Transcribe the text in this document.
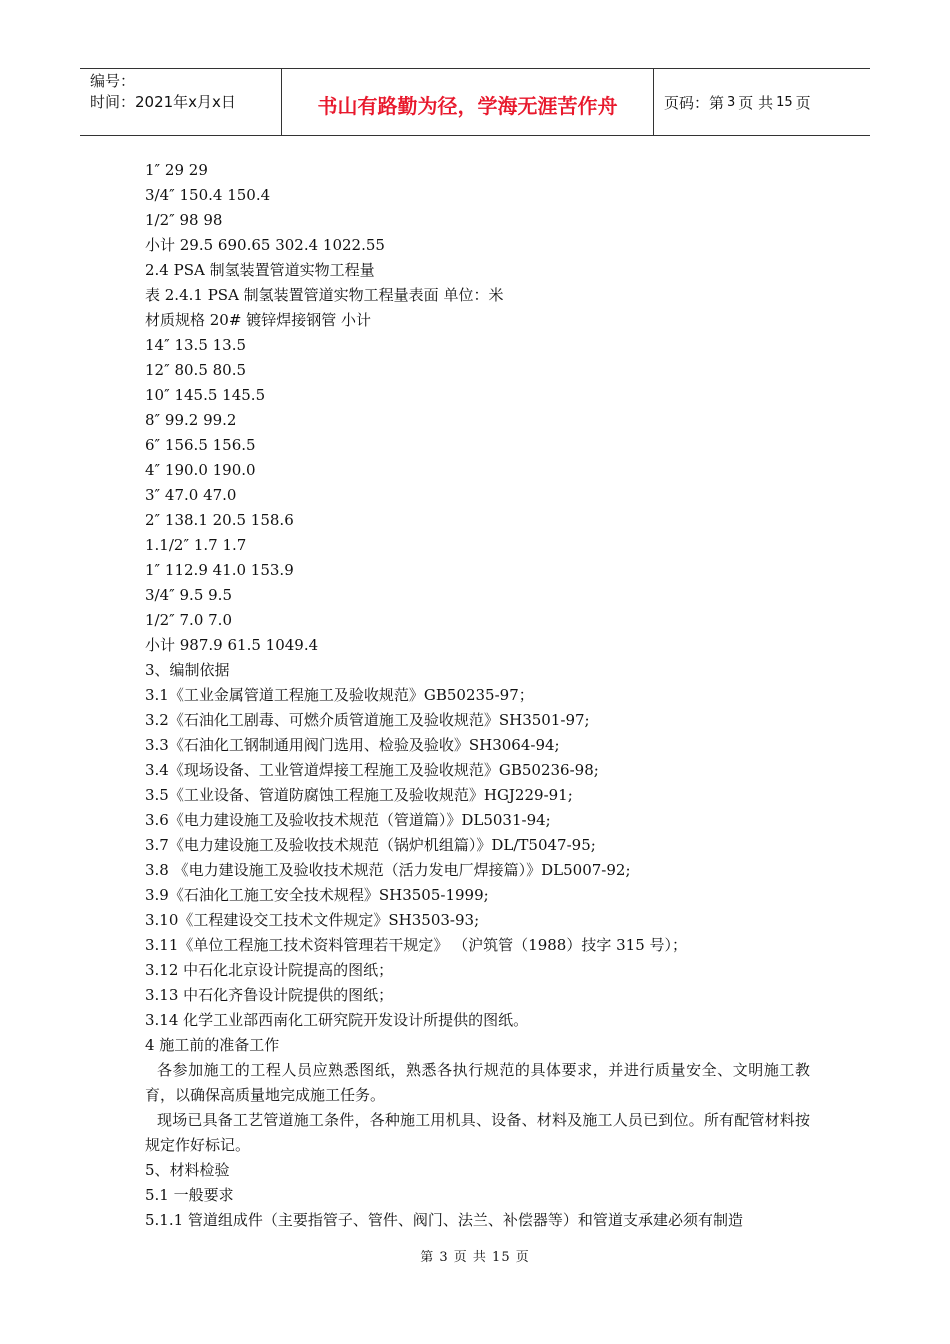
编号：
时间：2021年x月x日	书山有路勤为径，学海无涯苦作舟	页码：第 3 页 共 15 页
1″ 29 29
3/4″ 150.4 150.4
1/2″ 98 98
小计 29.5 690.65 302.4 1022.55
2.4 PSA 制氢装置管道实物工程量
表 2.4.1 PSA 制氢装置管道实物工程量表面 单位：米
材质规格 20# 镀锌焊接钢管 小计
14″ 13.5 13.5
12″ 80.5 80.5
10″ 145.5 145.5
8″ 99.2 99.2
6″ 156.5 156.5
4″ 190.0 190.0
3″ 47.0 47.0
2″ 138.1 20.5 158.6
1.1/2″ 1.7 1.7
1″ 112.9 41.0 153.9
3/4″ 9.5 9.5
1/2″ 7.0 7.0
小计 987.9 61.5 1049.4
3、编制依据
3.1《工业金属管道工程施工及验收规范》GB50235-97；
3.2《石油化工剧毒、可燃介质管道施工及验收规范》SH3501-97;
3.3《石油化工钢制通用阀门选用、检验及验收》SH3064-94;
3.4《现场设备、工业管道焊接工程施工及验收规范》GB50236-98;
3.5《工业设备、管道防腐蚀工程施工及验收规范》HGJ229-91;
3.6《电力建设施工及验收技术规范（管道篇）》DL5031-94;
3.7《电力建设施工及验收技术规范（锅炉机组篇）》DL/T5047-95;
3.8 《电力建设施工及验收技术规范（活力发电厂焊接篇）》DL5007-92;
3.9《石油化工施工安全技术规程》SH3505-1999;
3.10《工程建设交工技术文件规定》SH3503-93;
3.11《单位工程施工技术资料管理若干规定》 （沪筑管（1988）技字 315 号）；
3.12 中石化北京设计院提高的图纸；
3.13 中石化齐鲁设计院提供的图纸；
3.14 化学工业部西南化工研究院开发设计所提供的图纸。
4 施工前的准备工作
各参加施工的工程人员应熟悉图纸，熟悉各执行规范的具体要求，并进行质量安全、文明施工教育，以确保高质量地完成施工任务。
现场已具备工艺管道施工条件，各种施工用机具、设备、材料及施工人员已到位。所有配管材料按规定作好标记。
5、材料检验
5.1 一般要求
5.1.1 管道组成件（主要指管子、管件、阀门、法兰、补偿器等）和管道支承建必须有制造
第 3 页 共 15 页
